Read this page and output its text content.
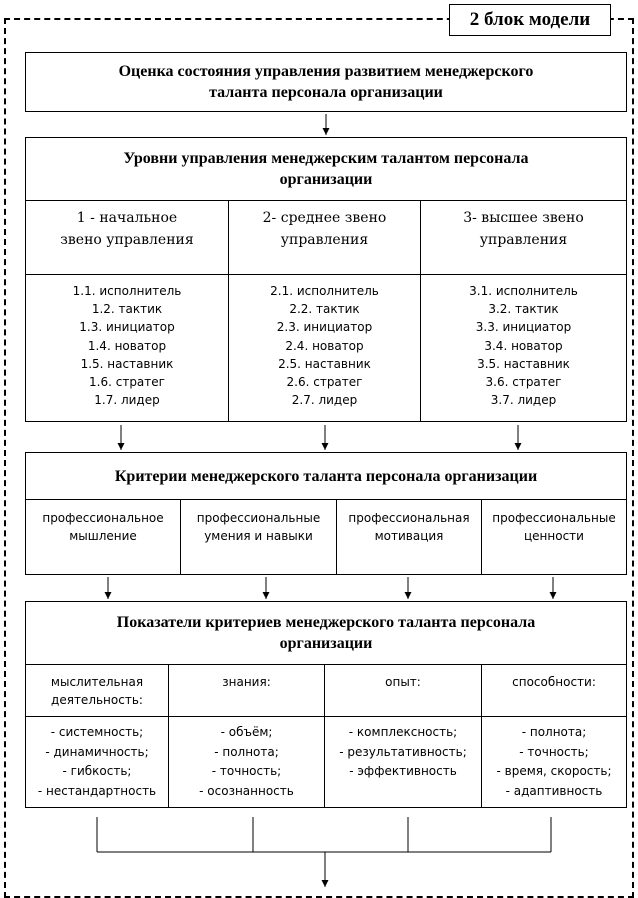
2 блок модели
Оценка состояния управления развитием менеджерского таланта персонала организации
Уровни управления менеджерским талантом персонала организации
1 - начальное звено управления
2- среднее звено управления
3- высшее звено управления
1.1. исполнитель
1.2. тактик
1.3. инициатор
1.4. новатор
1.5. наставник
1.6. стратег
1.7. лидер
2.1. исполнитель
2.2. тактик
2.3. инициатор
2.4. новатор
2.5. наставник
2.6. стратег
2.7. лидер
3.1. исполнитель
3.2. тактик
3.3. инициатор
3.4. новатор
3.5. наставник
3.6. стратег
3.7. лидер
Критерии менеджерского таланта персонала организации
профессиональное мышление
профессиональные умения и навыки
профессиональная мотивация
профессиональные ценности
Показатели критериев менеджерского таланта персонала организации
мыслительная деятельность:
знания:	опыт:	способности:
- системность;
- динамичность;
- гибкость;
- нестандартность
- объём;
- полнота;
- точность;
- осознанность
- комплексность;
- результативность;
- эффективность
- полнота;
- точность;
- время, скорость;
- адаптивность
